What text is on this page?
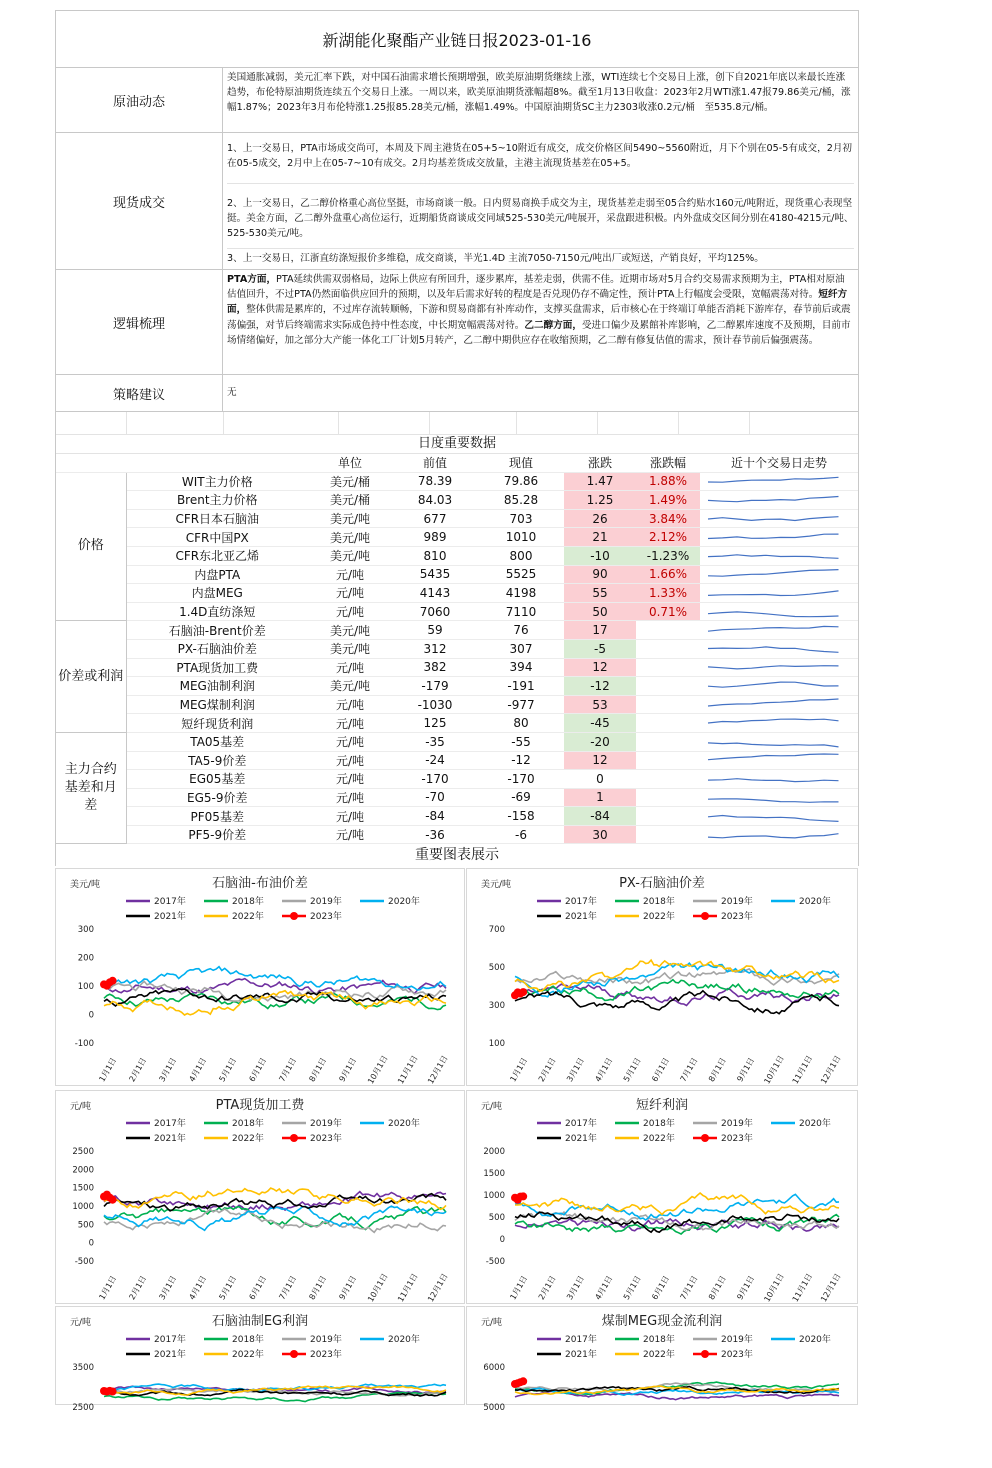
新湖能化聚酯产业链日报2023-01-16
原油动态
美国通胀减弱，美元汇率下跌，对中国石油需求增长预期增强，欧美原油期货继续上涨，WTI连续七个交易日上涨，创下自2021年底以来最长连涨趋势，布伦特原油期货连续五个交易日上涨。一周以来，欧美原油期货涨幅超8%。截至1月13日收盘：2023年2月WTI涨1.47报79.86美元/桶，涨幅1.87%；2023年3月布伦特涨1.25报85.28美元/桶，涨幅1.49%。中国原油期货SC主力2303收涨0.2元/桶　至535.8元/桶。
现货成交
1、上一交易日，PTA市场成交尚可，本周及下周主港货在05+5~10附近有成交，成交价格区间5490~5560附近，月下个别在05-5有成交，2月初在05-5成交，2月中上在05-7~10有成交。2月均基差货成交放量，主港主流现货基差在05+5。
2、上一交易日，乙二醇价格重心高位坚挺，市场商谈一般。日内贸易商换手成交为主，现货基差走弱至05合约贴水160元/吨附近，现货重心表现坚挺。美金方面，乙二醇外盘重心高位运行，近期船货商谈成交同域525-530美元/吨展开，采盘跟进积极。内外盘成交区间分别在4180-4215元/吨、525-530美元/吨。
3、上一交易日，江浙直纺涤短报价多维稳，成交商谈，半光1.4D 主流7050-7150元/吨出厂或短送，产销良好，平均125%。
逻辑梳理
PTA方面，PTA延续供需双弱格局，边际上供应有所回升，逐步累库，基差走弱，供需不佳。近期市场对5月合约交易需求预期为主，PTA相对原油估值回升，不过PTA仍然面临供应回升的预期，以及年后需求好转的程度是否兑现仍存不确定性，预计PTA上行幅度会受限，宽幅震荡对待。短纤方面，整体供需是累库的，不过库存流转顺畅，下游和贸易商都有补库动作，支撑买盘需求，后市核心在于终端订单能否消耗下游库存，春节前后或震荡偏强，对节后终端需求实际成色持中性态度，中长期宽幅震荡对待。乙二醇方面，受进口偏少及累館补库影响，乙二醇累库速度不及预期，目前市场情绪偏好，加之部分大产能一体化工厂计划5月转产，乙二醇中期供应存在收缩预期，乙二醇有修复估值的需求，预计春节前后偏强震荡。
策略建议	无
日度重要数据
		单位	前值	现值	涨跌	涨跌幅	近十个交易日走势
价格	WIT主力价格	美元/桶	78.39	79.86	1.47	1.88%	

	Brent主力价格	美元/桶	84.03	85.28	1.25	1.49%	

	CFR日本石脑油	美元/吨	677	703	26	3.84%	

	CFR中国PX	美元/吨	989	1010	21	2.12%	

	CFR东北亚乙烯	美元/吨	810	800	-10	-1.23%	

	内盘PTA	元/吨	5435	5525	90	1.66%	

	内盘MEG	元/吨	4143	4198	55	1.33%	

	1.4D直纺涤短	元/吨	7060	7110	50	0.71%	

价差或利润	石脑油-Brent价差	美元/吨	59	76	17		

	PX-石脑油价差	美元/吨	312	307	-5		

	PTA现货加工费	元/吨	382	394	12		

	MEG油制利润	美元/吨	-179	-191	-12		

	MEG煤制利润	元/吨	-1030	-977	53		

	短纤现货利润	元/吨	125	80	-45		

主力合约基差和月差	TA05基差	元/吨	-35	-55	-20		

	TA5-9价差	元/吨	-24	-12	12		

	EG05基差	元/吨	-170	-170	0		

	EG5-9价差	元/吨	-70	-69	1		

	PF05基差	元/吨	-84	-158	-84		

	PF5-9价差	元/吨	-36	-6	30		
重要图表展示
石脑油-布油价差
美元/吨
2017年	2018年	2019年	2020年
2021年	2022年	2023年
300
200
100
0
-100
1月1日 2月1日 3月1日 4月1日 5月1日 6月1日 7月1日 8月1日 9月1日 10月1日 11月1日 12月1日
PX-石脑油价差
美元/吨
2017年	2018年	2019年	2020年
2021年	2022年	2023年
700
500
300
100
1月1日 2月1日 3月1日 4月1日 5月1日 6月1日 7月1日 8月1日 9月1日 10月1日 11月1日 12月1日
PTA现货加工费
元/吨
2017年	2018年	2019年	2020年
2021年	2022年	2023年
2500
2000
1500
1000
500
0
-500
1月1日 2月1日 3月1日 4月1日 5月1日 6月1日 7月1日 8月1日 9月1日 10月1日 11月1日 12月1日
短纤利润
元/吨
2017年	2018年	2019年	2020年
2021年	2022年	2023年
2000
1500
1000
500
0
-500
1月1日 2月1日 3月1日 4月1日 5月1日 6月1日 7月1日 8月1日 9月1日 10月1日 11月1日 12月1日
石脑油制EG利润
元/吨
2017年	2018年	2019年	2020年
2021年	2022年	2023年
3500
2500
煤制MEG现金流利润
元/吨
2017年	2018年	2019年	2020年
2021年	2022年	2023年
6000
5000
